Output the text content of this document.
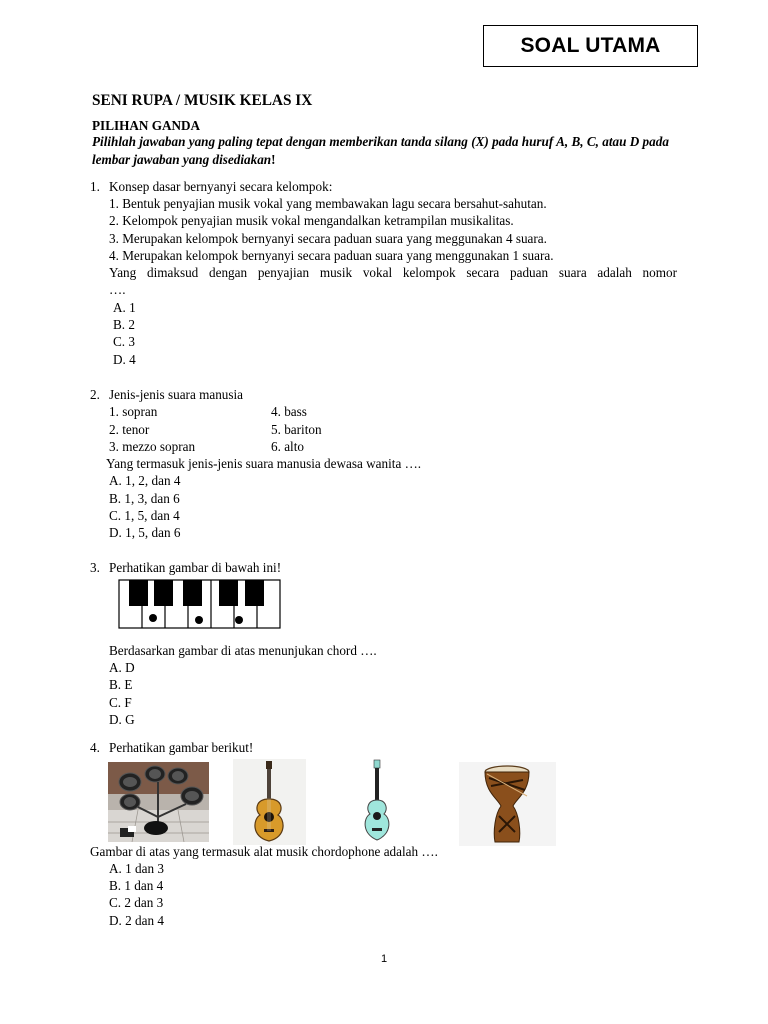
SOAL UTAMA
SENI RUPA / MUSIK KELAS IX
PILIHAN GANDA
Pilihlah jawaban yang paling tepat dengan memberikan tanda silang (X) pada huruf A, B, C, atau D pada lembar jawaban yang disediakan!
1. Konsep dasar bernyanyi secara kelompok:
1. Bentuk penyajian musik vokal yang membawakan lagu secara bersahut-sahutan.
2. Kelompok penyajian musik vokal mengandalkan ketrampilan musikalitas.
3. Merupakan kelompok bernyanyi secara paduan suara yang meggunakan 4 suara.
4. Merupakan kelompok bernyanyi secara paduan suara yang menggunakan 1 suara.
Yang dimaksud dengan penyajian musik vokal kelompok secara paduan suara adalah nomor
….
A. 1
B. 2
C. 3
D. 4
2. Jenis-jenis suara manusia
1. sopran
2. tenor
3. mezzo sopran
4. bass
5. bariton
6. alto
Yang termasuk jenis-jenis suara manusia dewasa wanita ….
A. 1, 2, dan 4
B. 1, 3, dan 6
C. 1, 5, dan 4
D. 1, 5, dan 6
3. Perhatikan gambar di bawah ini!
Berdasarkan gambar di atas menunjukan chord ….
A. D
B. E
C. F
D. G
4. Perhatikan gambar berikut!
Gambar di atas yang termasuk alat musik chordophone adalah ….
A. 1 dan 3
B. 1 dan 4
C. 2 dan 3
D. 2 dan 4
1
